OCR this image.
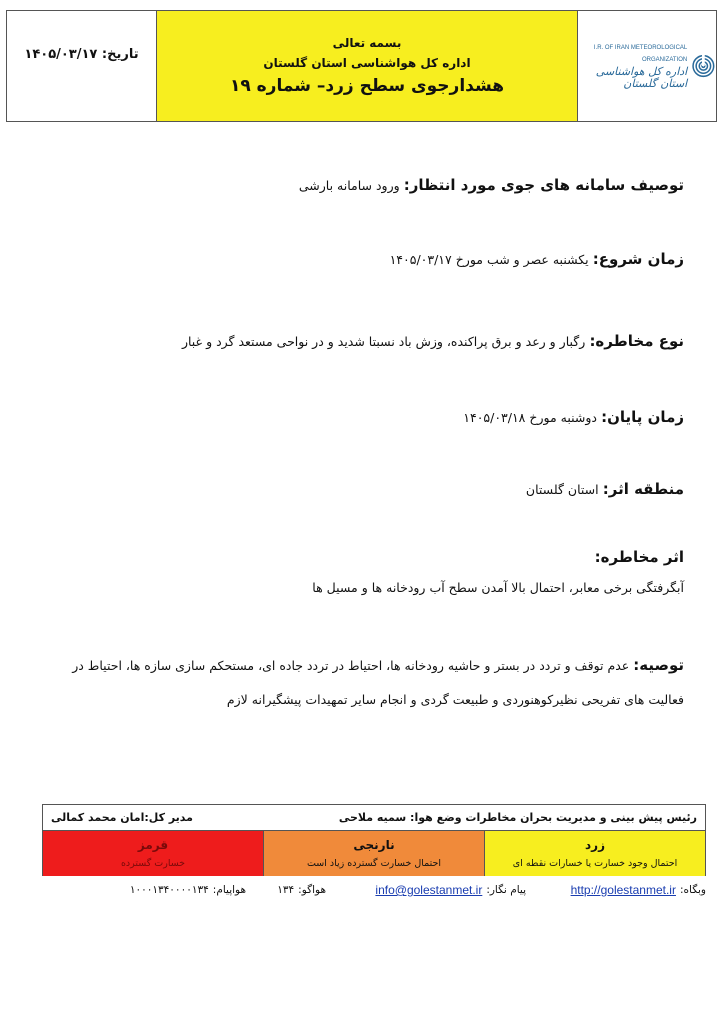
تاریخ:

۱۴۰۵/۰۳/۱۷
بسمه تعالی
اداره کل هواشناسی استان گلستان
هشدارجوی سطح زرد– شماره ۱۹
I.R. OF IRAN METEOROLOGICAL ORGANIZATION
اداره کل هواشناسی استان گلستان
توصیف سامانه های جوی مورد انتظار: ورود سامانه بارشی
زمان شروع: یکشنبه عصر و شب مورخ ۱۴۰۵/۰۳/۱۷
نوع مخاطره: رگبار و رعد و برق پراکنده، وزش باد نسبتا شدید و در نواحی مستعد گرد و غبار
زمان پایان: دوشنبه مورخ ۱۴۰۵/۰۳/۱۸
منطقه اثر: استان گلستان
اثر مخاطره:
آبگرفتگی برخی معابر، احتمال بالا آمدن سطح آب رودخانه ها و مسیل ها
توصیه: عدم توقف و تردد در بستر و حاشیه رودخانه ها، احتیاط در تردد جاده ای، مستحکم سازی سازه ها، احتیاط در فعالیت های تفریحی نظیرکوهنوردی و طبیعت گردی و انجام سایر تمهیدات پیشگیرانه لازم
رئیس پیش بینی و مدیریت بحران مخاطرات وضع هوا: سمیه ملاحی
مدیر کل:امان محمد کمالی
زرد
احتمال وجود خسارت یا خسارات نقطه ای
نارنجی
احتمال خسارت گسترده زیاد است
قرمز
خسارت گسترده
وبگاه:
http://golestanmet.ir
پیام نگار:
info@golestanmet.ir
هواگو:
۱۳۴
هواپیام:
۱۰۰۰۱۳۴۰۰۰۰۱۳۴
